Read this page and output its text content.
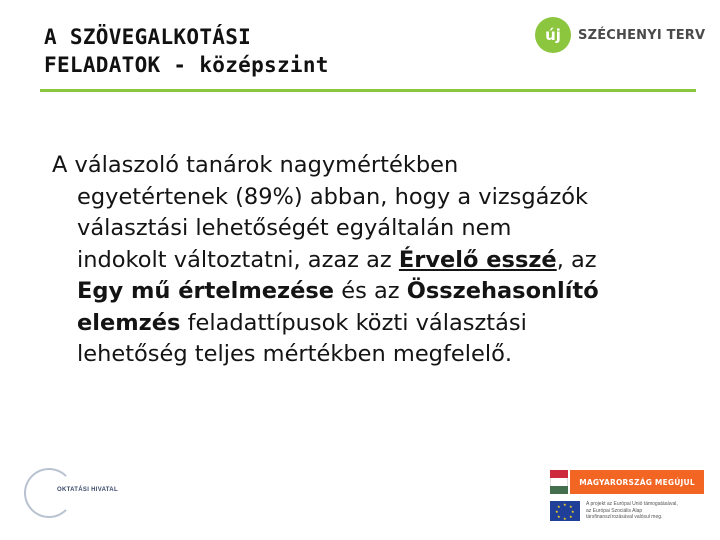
A SZÖVEGALKOTÁSI
FELADATOK - középszint
új	SZÉCHENYI TERV
A válaszoló tanárok nagymértékben
egyetértenek (89%) abban, hogy a vizsgázók
választási lehetőségét egyáltalán nem
indokolt változtatni, azaz az Érvelő esszé, az
Egy mű értelmezése és az Összehasonlító
elemzés feladattípusok közti választási
lehetőség teljes mértékben megfelelő.
OKTATÁSI HIVATAL
MAGYARORSZÁG MEGÚJUL
★ ★
★
★
★
★
★
★	A projekt az Európai Unió támogatásával,
az Európai Szociális Alap
társfinanszírozásával valósul meg.
